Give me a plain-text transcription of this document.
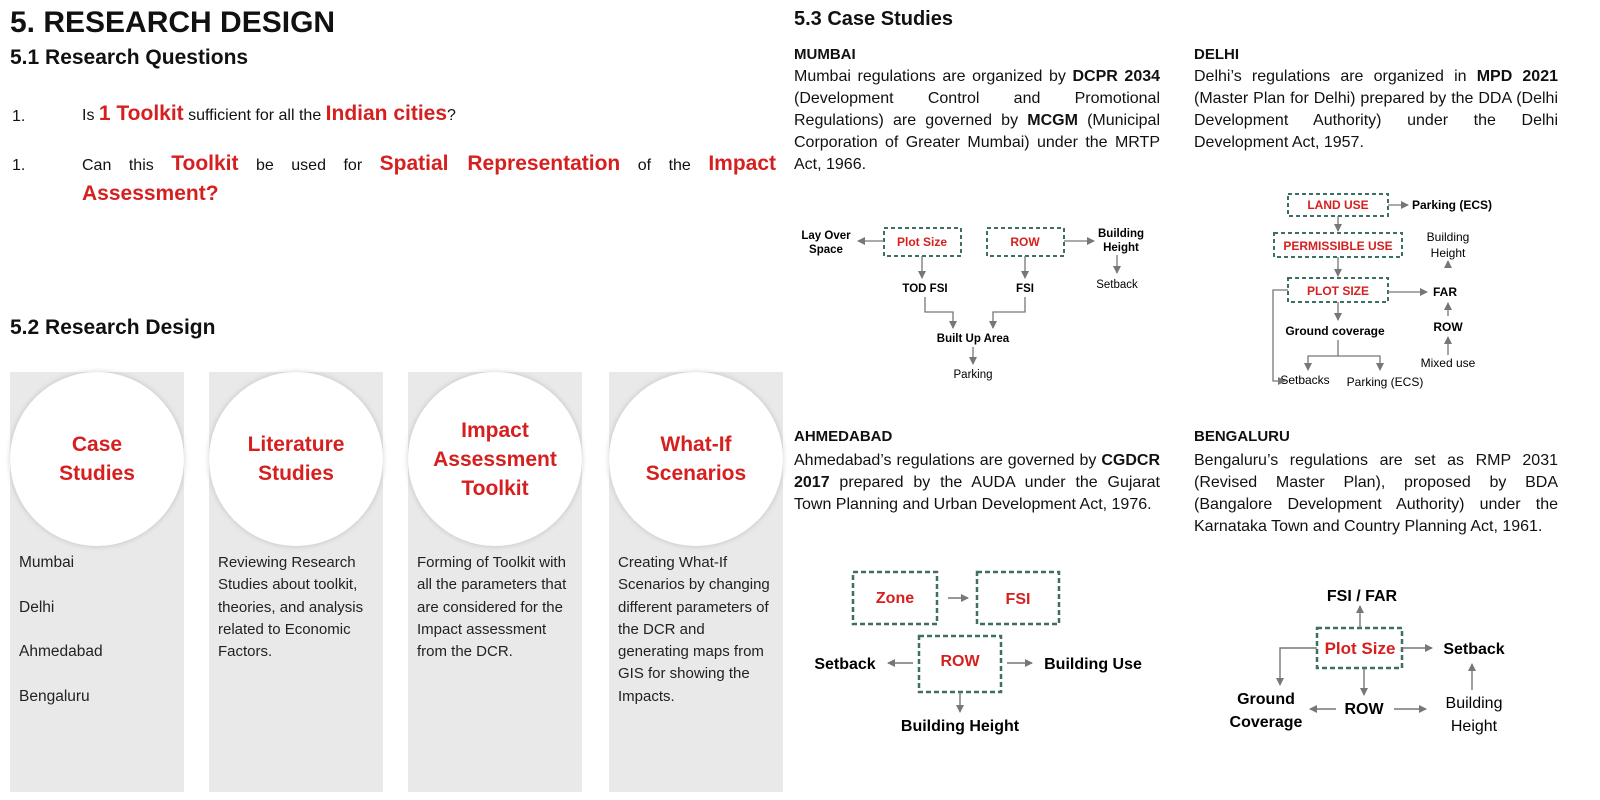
5. RESEARCH DESIGN
5.1 Research Questions
1.	Is 1 Toolkit sufficient for all the Indian cities?
1.	Can this Toolkit be used for Spatial Representation of the Impact Assessment?
5.2 Research Design
Case
Studies
Literature
Studies
Impact
Assessment
Toolkit
What-If
Scenarios
Mumbai
Delhi
Ahmedabad
Bengaluru
Reviewing Research Studies about toolkit, theories, and analysis related to Economic Factors.
Forming of Toolkit with all the parameters that are considered for the Impact assessment from the DCR.
Creating What-If Scenarios by changing different parameters of the DCR and generating maps from GIS for showing the Impacts.
5.3 Case Studies
MUMBAI
Mumbai regulations are organized by DCPR 2034 (Development Control and Promotional Regulations) are governed by MCGM (Municipal Corporation of Greater Mumbai) under the MRTP Act, 1966.
DELHI
Delhi’s regulations are organized in MPD 2021 (Master Plan for Delhi) prepared by the DDA (Delhi Development Authority) under the Delhi Development Act, 1957.
AHMEDABAD
Ahmedabad’s regulations are governed by CGDCR 2017 prepared by the AUDA under the Gujarat Town Planning and Urban Development Act, 1976.
BENGALURU
Bengaluru’s regulations are set as RMP 2031 (Revised Master Plan), proposed by BDA (Bangalore Development Authority) under the Karnataka Town and Country Planning Act, 1961.
Plot Size	ROW
Lay Over
Space
Building
Height
Setback
TOD FSI	FSI
Built Up Area
Parking
LAND USE
PERMISSIBLE USE
PLOT SIZE
Parking (ECS)
Building
Height
FAR
Ground coverage	ROW
Mixed use
Setbacks Parking (ECS)
Zone	FSI
ROW
Setback	Building Use
Building Height
Plot Size
FSI / FAR
Setback
Ground
Coverage
ROW	Building
Height
